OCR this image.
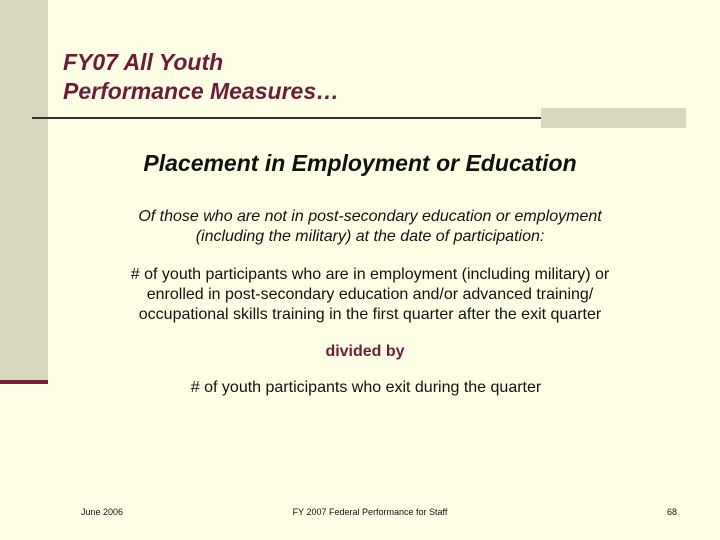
FY07 All Youth
Performance Measures…
Placement in Employment or Education
Of those who are not in post-secondary education or employment
(including the military) at the date of participation:
# of youth participants who are in employment (including military) or
enrolled in post-secondary education and/or advanced training/
occupational skills training in the first quarter after the exit quarter
divided by
# of youth participants who exit during the quarter
June 2006	FY 2007 Federal Performance for Staff	68
